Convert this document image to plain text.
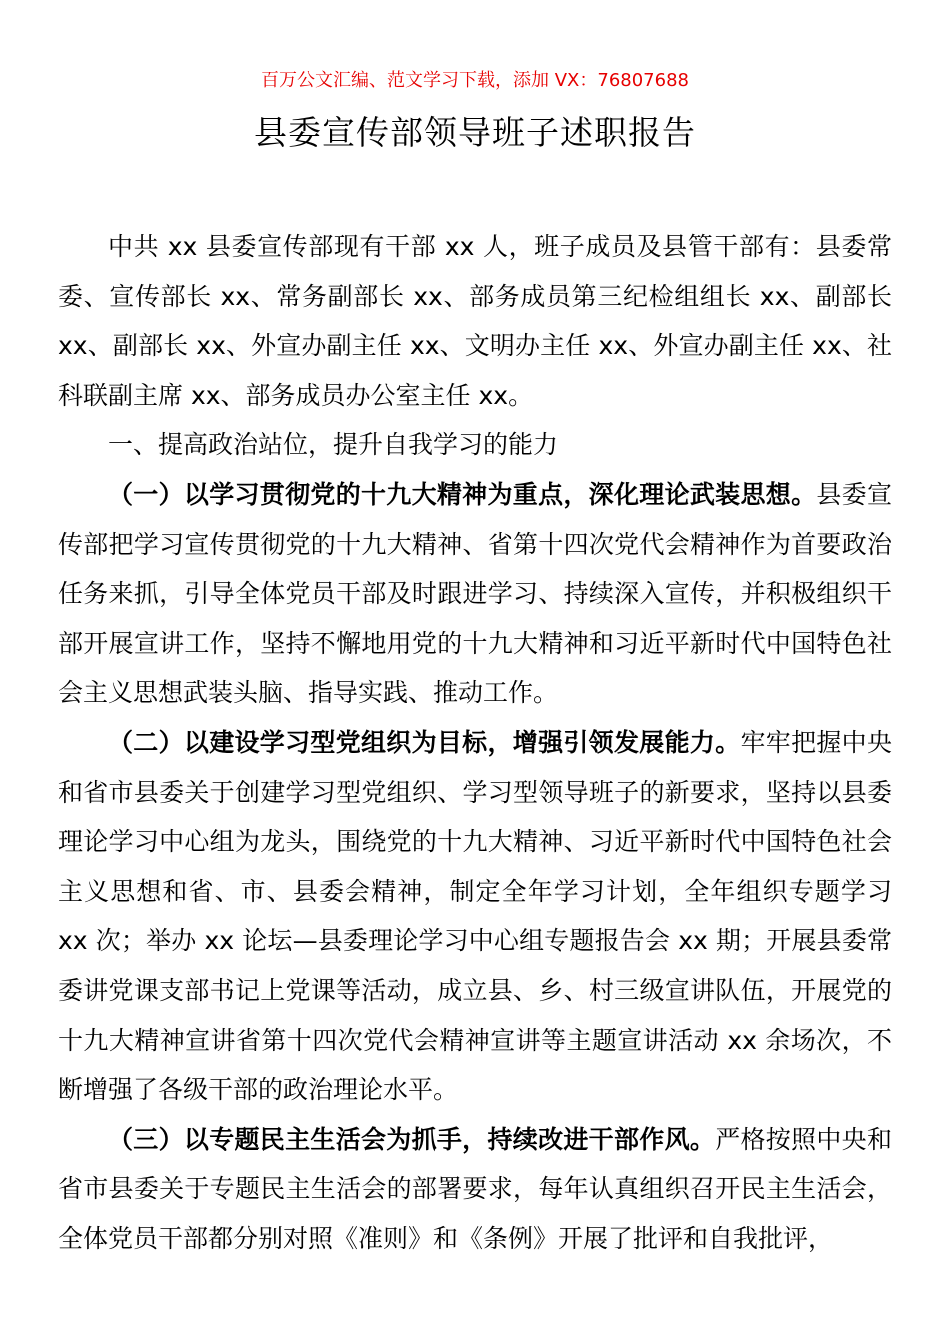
百万公文汇编、范文学习下载，添加 VX：76807688
县委宣传部领导班子述职报告

中共 xx 县委宣传部现有干部 xx 人，班子成员及县管干部有：县委常委、宣传部长 xx、常务副部长 xx、部务成员第三纪检组组长 xx、副部长 xx、副部长 xx、外宣办副主任 xx、文明办主任 xx、外宣办副主任 xx、社科联副主席 xx、部务成员办公室主任 xx。

一、提高政治站位，提升自我学习的能力

（一）以学习贯彻党的十九大精神为重点，深化理论武装思想。县委宣传部把学习宣传贯彻党的十九大精神、省第十四次党代会精神作为首要政治任务来抓，引导全体党员干部及时跟进学习、持续深入宣传，并积极组织干部开展宣讲工作，坚持不懈地用党的十九大精神和习近平新时代中国特色社会主义思想武装头脑、指导实践、推动工作。

（二）以建设学习型党组织为目标，增强引领发展能力。牢牢把握中央和省市县委关于创建学习型党组织、学习型领导班子的新要求，坚持以县委理论学习中心组为龙头，围绕党的十九大精神、习近平新时代中国特色社会主义思想和省、市、县委会精神，制定全年学习计划，全年组织专题学习 xx 次；举办 xx 论坛—县委理论学习中心组专题报告会 xx 期；开展县委常委讲党课支部书记上党课等活动，成立县、乡、村三级宣讲队伍，开展党的十九大精神宣讲省第十四次党代会精神宣讲等主题宣讲活动 xx 余场次，不断增强了各级干部的政治理论水平。

（三）以专题民主生活会为抓手，持续改进干部作风。严格按照中央和省市县委关于专题民主生活会的部署要求，每年认真组织召开民主生活会，全体党员干部都分别对照《准则》和《条例》开展了批评和自我批评，
